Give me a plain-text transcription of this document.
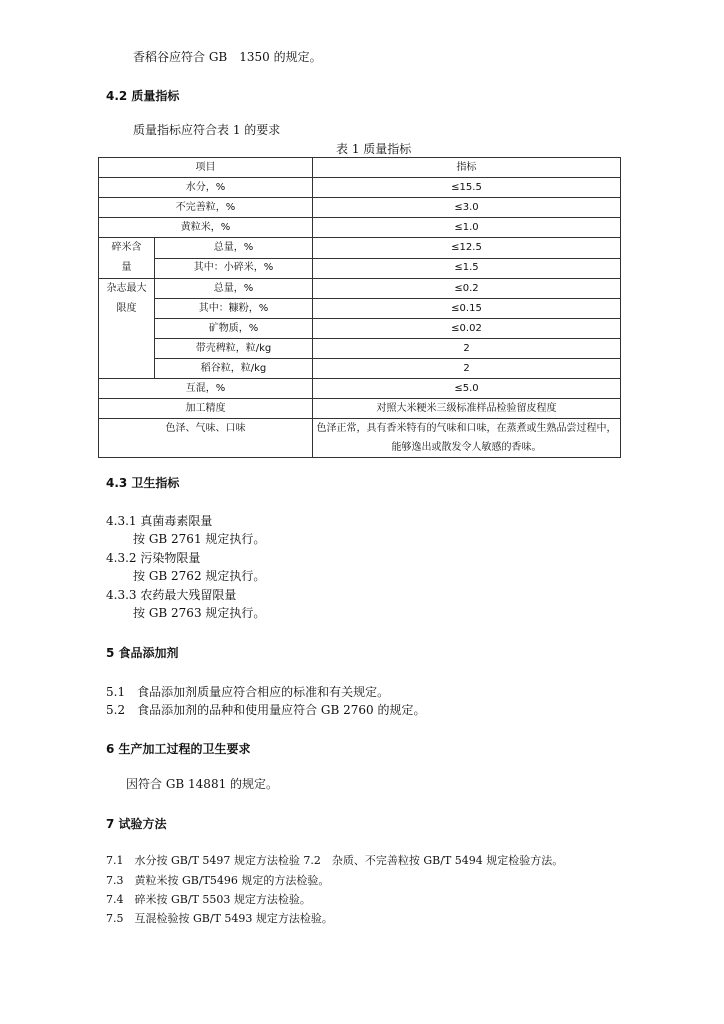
香稻谷应符合 GB　1350 的规定。
4.2 质量指标
质量指标应符合表 1 的要求
表 1 质量指标
项目		指标
水分，%		≤15.5
不完善粒，%		≤3.0
黄粒米，%		≤1.0
碎米含量	总量，%	≤12.5
	其中：小碎米，%	≤1.5
杂志最大限度	总量，%	≤0.2
	其中：糠粉，%	≤0.15
	矿物质，%	≤0.02
	带壳稗粒，粒/kg	2
	稻谷粒，粒/kg	2
互混，%		≤5.0
加工精度		对照大米粳米三级标准样品检验留皮程度
色泽、气味、口味		色泽正常，具有香米特有的气味和口味，在蒸煮或生熟品尝过程中，能够逸出或散发令人敏感的香味。
4.3 卫生指标
4.3.1 真菌毒素限量
按 GB 2761 规定执行。
4.3.2 污染物限量
按 GB 2762 规定执行。
4.3.3 农药最大残留限量
按 GB 2763 规定执行。
5 食品添加剂
5.1　食品添加剂质量应符合相应的标准和有关规定。
5.2　食品添加剂的品种和使用量应符合 GB 2760 的规定。
6 生产加工过程的卫生要求
因符合 GB 14881 的规定。
7 试验方法
7.1　水分按 GB/T 5497 规定方法检验 7.2　杂质、不完善粒按 GB/T 5494 规定检验方法。
7.3　黄粒米按 GB/T5496 规定的方法检验。
7.4　碎米按 GB/T 5503 规定方法检验。
7.5　互混检验按 GB/T 5493 规定方法检验。
